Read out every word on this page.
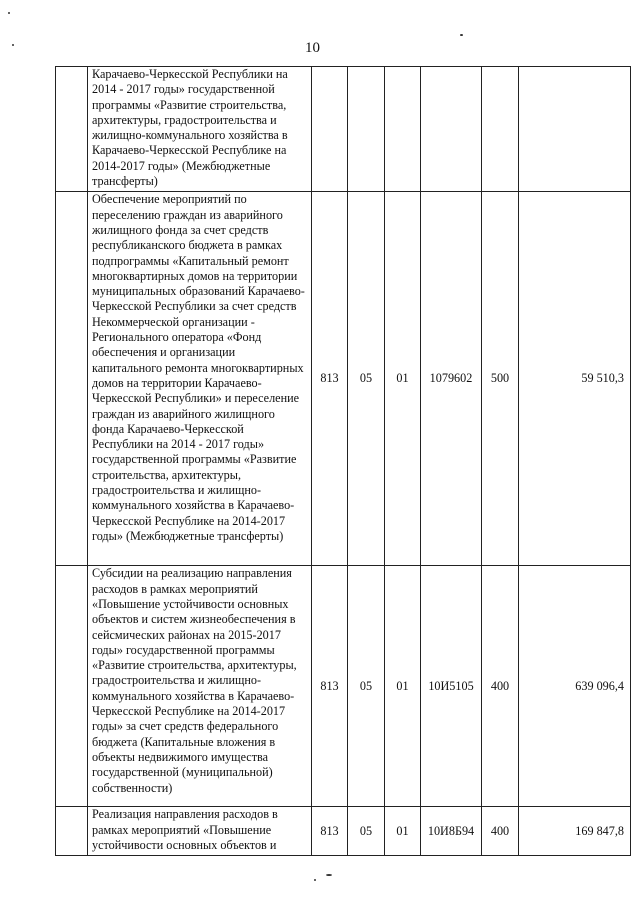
10
	Карачаево-Черкесской Республики на 2014 - 2017 годы» государственной программы «Развитие строительства, архитектуры, градостроительства и жилищно-коммунального хозяйства в Карачаево-Черкесской Республике на 2014-2017 годы» (Межбюджетные трансферты)						
	Обеспечение мероприятий по переселению граждан из аварийного жилищного фонда за счет средств республиканского бюджета в рамках подпрограммы «Капитальный ремонт многоквартирных домов на территории муниципальных образований Карачаево-Черкесской Республики за счет средств Некоммерческой организации - Регионального оператора «Фонд обеспечения и организации капитального ремонта многоквартирных домов на территории Карачаево-Черкесской Республики» и переселение граждан из аварийного жилищного фонда Карачаево-Черкесской Республики на 2014 - 2017 годы» государственной программы «Развитие строительства, архитектуры, градостроительства и жилищно-коммунального хозяйства в Карачаево-Черкесской Республике на 2014-2017 годы» (Межбюджетные трансферты)	813	05	01	1079602	500	59 510,3
	Субсидии на реализацию направления расходов в рамках мероприятий «Повышение устойчивости основных объектов и систем жизнеобеспечения в сейсмических районах на 2015-2017 годы» государственной программы «Развитие строительства, архитектуры, градостроительства и жилищно-коммунального хозяйства в Карачаево-Черкесской Республике на 2014-2017 годы» за счет средств федерального бюджета (Капитальные вложения в объекты недвижимого имущества государственной (муниципальной) собственности)	813	05	01	10И5105	400	639 096,4
	Реализация направления расходов в рамках мероприятий «Повышение устойчивости основных объектов и	813	05	01	10И8Б94	400	169 847,8
